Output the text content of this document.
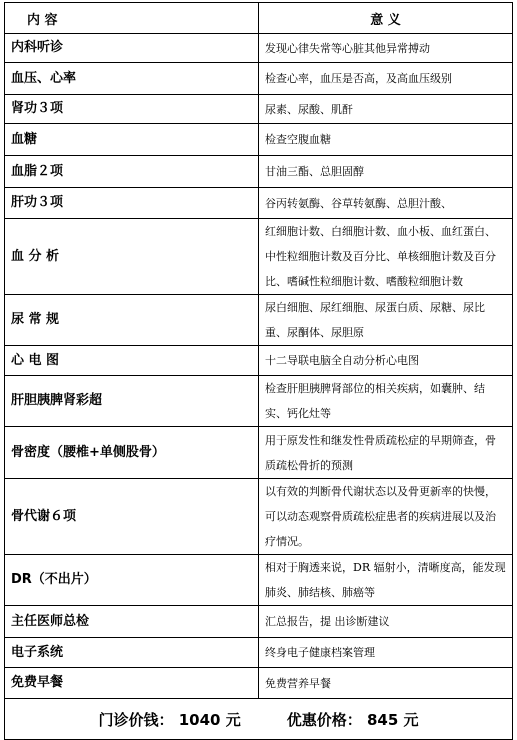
内 容	意 义
内科听诊	发现心律失常等心脏其他异常搏动
血压、心率	检查心率，血压是否高，及高血压级别
肾功３项	尿素、尿酸、肌酐
血糖	检查空腹血糖
血脂２项	甘油三酯、总胆固醇
肝功３项	谷丙转氨酶、谷草转氨酶、总胆汁酸、
血 分 析	红细胞计数、白细胞计数、血小板、血红蛋白、中性粒细胞计数及百分比、单核细胞计数及百分比、嗜碱性粒细胞计数、嗜酸粒细胞计数
尿 常 规	尿白细胞、尿红细胞、尿蛋白质、尿糖、尿比重、尿酮体、尿胆原
心 电 图	十二导联电脑全自动分析心电图
肝胆胰脾肾彩超	检查肝胆胰脾肾部位的相关疾病，如囊肿、结实、钙化灶等
骨密度（腰椎+单侧股骨）	用于原发性和继发性骨质疏松症的早期筛查，骨质疏松骨折的预测
骨代谢６项	以有效的判断骨代谢状态以及骨更新率的快慢，可以动态观察骨质疏松症患者的疾病进展以及治疗情况。
DR（不出片）	相对于胸透来说，DR 辐射小，清晰度高，能发现肺炎、肺结核、肺癌等
主任医师总检	汇总报告，提 出诊断建议
电子系统	终身电子健康档案管理
免费早餐	免费营养早餐
门诊价钱： 1040 元 优惠价格： 845 元	
